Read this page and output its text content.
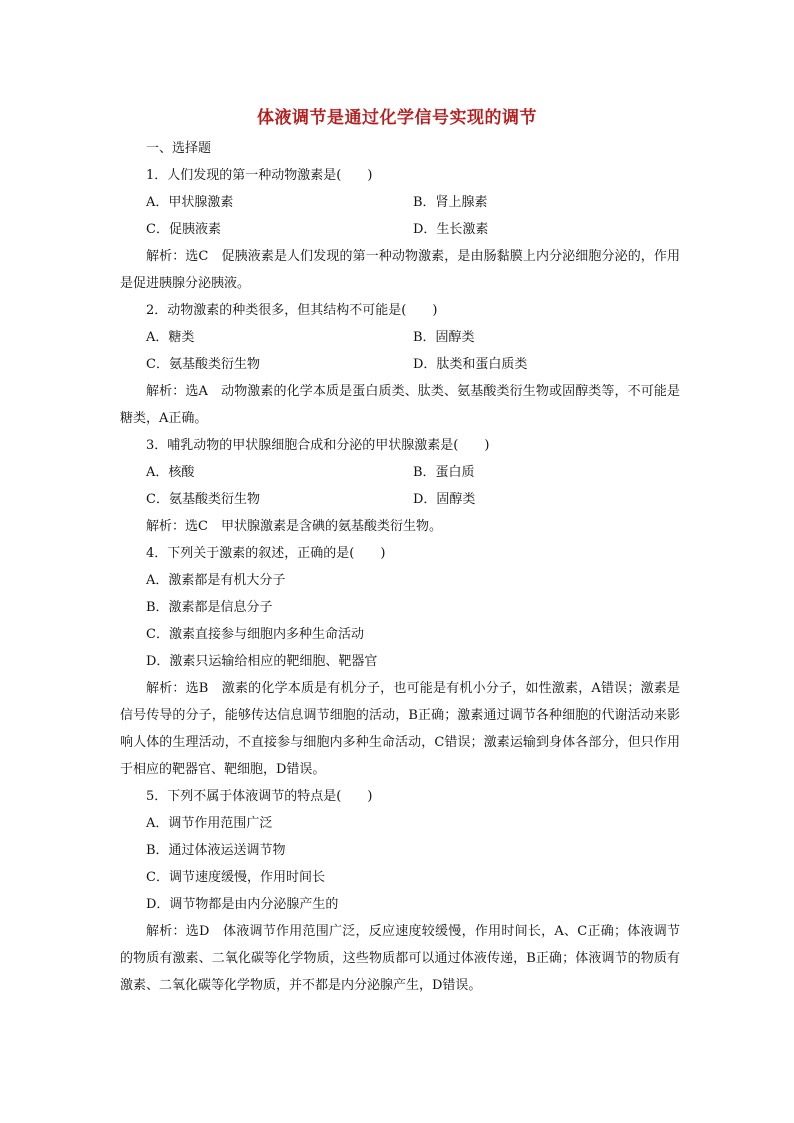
体液调节是通过化学信号实现的调节
一、选择题
1．人们发现的第一种动物激素是(　　)
A．甲状腺激素	B．肾上腺素
C．促胰液素	D．生长激素
解析：选C　促胰液素是人们发现的第一种动物激素，是由肠黏膜上内分泌细胞分泌的，作用是促进胰腺分泌胰液。
2．动物激素的种类很多，但其结构不可能是(　　)
A．糖类	B．固醇类
C．氨基酸类衍生物	D．肽类和蛋白质类
解析：选A　动物激素的化学本质是蛋白质类、肽类、氨基酸类衍生物或固醇类等，不可能是糖类，A正确。
3．哺乳动物的甲状腺细胞合成和分泌的甲状腺激素是(　　)
A．核酸	B．蛋白质
C．氨基酸类衍生物	D．固醇类
解析：选C　甲状腺激素是含碘的氨基酸类衍生物。
4．下列关于激素的叙述，正确的是(　　)
A．激素都是有机大分子
B．激素都是信息分子
C．激素直接参与细胞内多种生命活动
D．激素只运输给相应的靶细胞、靶器官
解析：选B　激素的化学本质是有机分子，也可能是有机小分子，如性激素，A错误；激素是信号传导的分子，能够传达信息调节细胞的活动，B正确；激素通过调节各种细胞的代谢活动来影响人体的生理活动，不直接参与细胞内多种生命活动，C错误；激素运输到身体各部分，但只作用于相应的靶器官、靶细胞，D错误。
5．下列不属于体液调节的特点是(　　)
A．调节作用范围广泛
B．通过体液运送调节物
C．调节速度缓慢，作用时间长
D．调节物都是由内分泌腺产生的
解析：选D　体液调节作用范围广泛，反应速度较缓慢，作用时间长，A、C正确；体液调节的物质有激素、二氧化碳等化学物质，这些物质都可以通过体液传递，B正确；体液调节的物质有激素、二氧化碳等化学物质，并不都是内分泌腺产生，D错误。
